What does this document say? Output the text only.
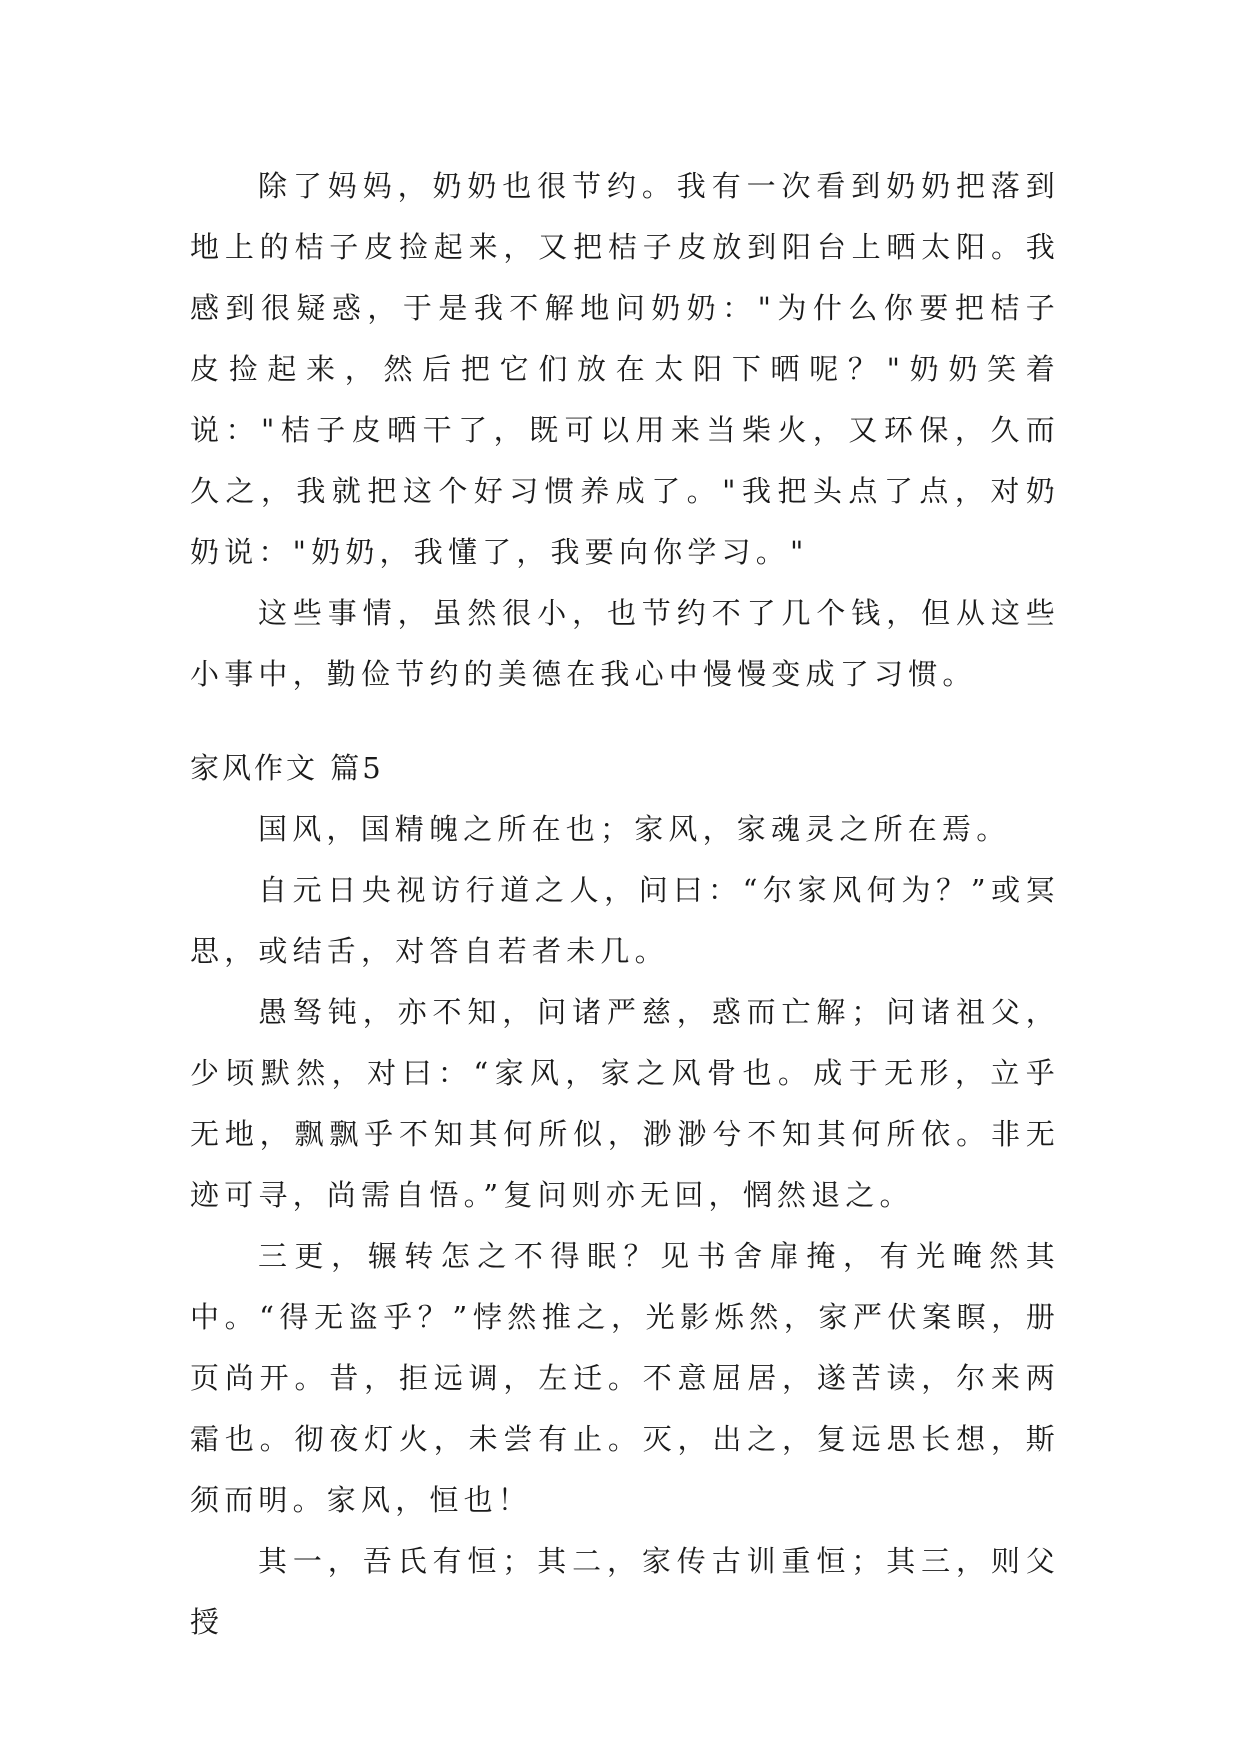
除了妈妈，奶奶也很节约。我有一次看到奶奶把落到地上的桔子皮捡起来，又把桔子皮放到阳台上晒太阳。我感到很疑惑，于是我不解地问奶奶："为什么你要把桔子皮捡起来，然后把它们放在太阳下晒呢？"奶奶笑着说："桔子皮晒干了，既可以用来当柴火，又环保，久而久之，我就把这个好习惯养成了。"我把头点了点，对奶奶说："奶奶，我懂了，我要向你学习。"

这些事情，虽然很小，也节约不了几个钱，但从这些小事中，勤俭节约的美德在我心中慢慢变成了习惯。

家风作文 篇5

国风，国精魄之所在也；家风，家魂灵之所在焉。

自元日央视访行道之人，问曰：“尔家风何为？”或冥思，或结舌，对答自若者未几。

愚驽钝，亦不知，问诸严慈，惑而亡解；问诸祖父，少顷默然，对曰：“家风，家之风骨也。成于无形，立乎无地，飘飘乎不知其何所似，渺渺兮不知其何所依。非无迹可寻，尚需自悟。”复问则亦无回，惘然退之。

三更，辗转怎之不得眠？见书舍扉掩，有光晻然其中。“得无盗乎？”悖然推之，光影烁然，家严伏案瞑，册页尚开。昔，拒远调，左迁。不意屈居，遂苦读，尔来两霜也。彻夜灯火，未尝有止。灭，出之，复远思长想，斯须而明。家风，恒也！

其一，吾氏有恒；其二，家传古训重恒；其三，则父授
